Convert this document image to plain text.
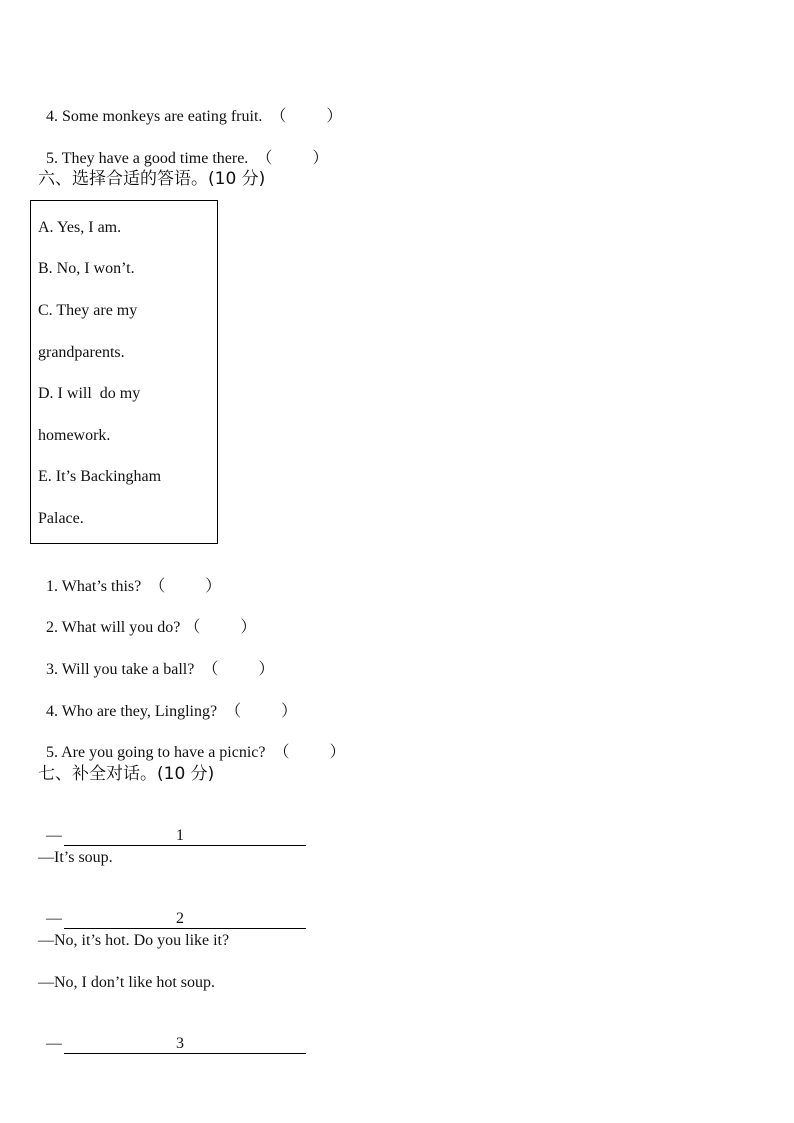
4. Some monkeys are eating fruit. （          ）

5. They have a good time there. （          ）

六、选择合适的答语。(10 分)
A. Yes, I am.
B. No, I won’t.
C. They are my
grandparents.
D. I will  do my
homework.
E. It’s Backingham
Palace.

1. What’s this? （          ）

2. What will you do? （          ）

3. Will you take a ball? （          ）

4. Who are they, Lingling? （          ）

5. Are you going to have a picnic? （          ）

七、补全对话。(10 分)

—	1

—It’s soup.

—	2

—No, it’s hot. Do you like it?
—No, I don’t like hot soup.

—	3
